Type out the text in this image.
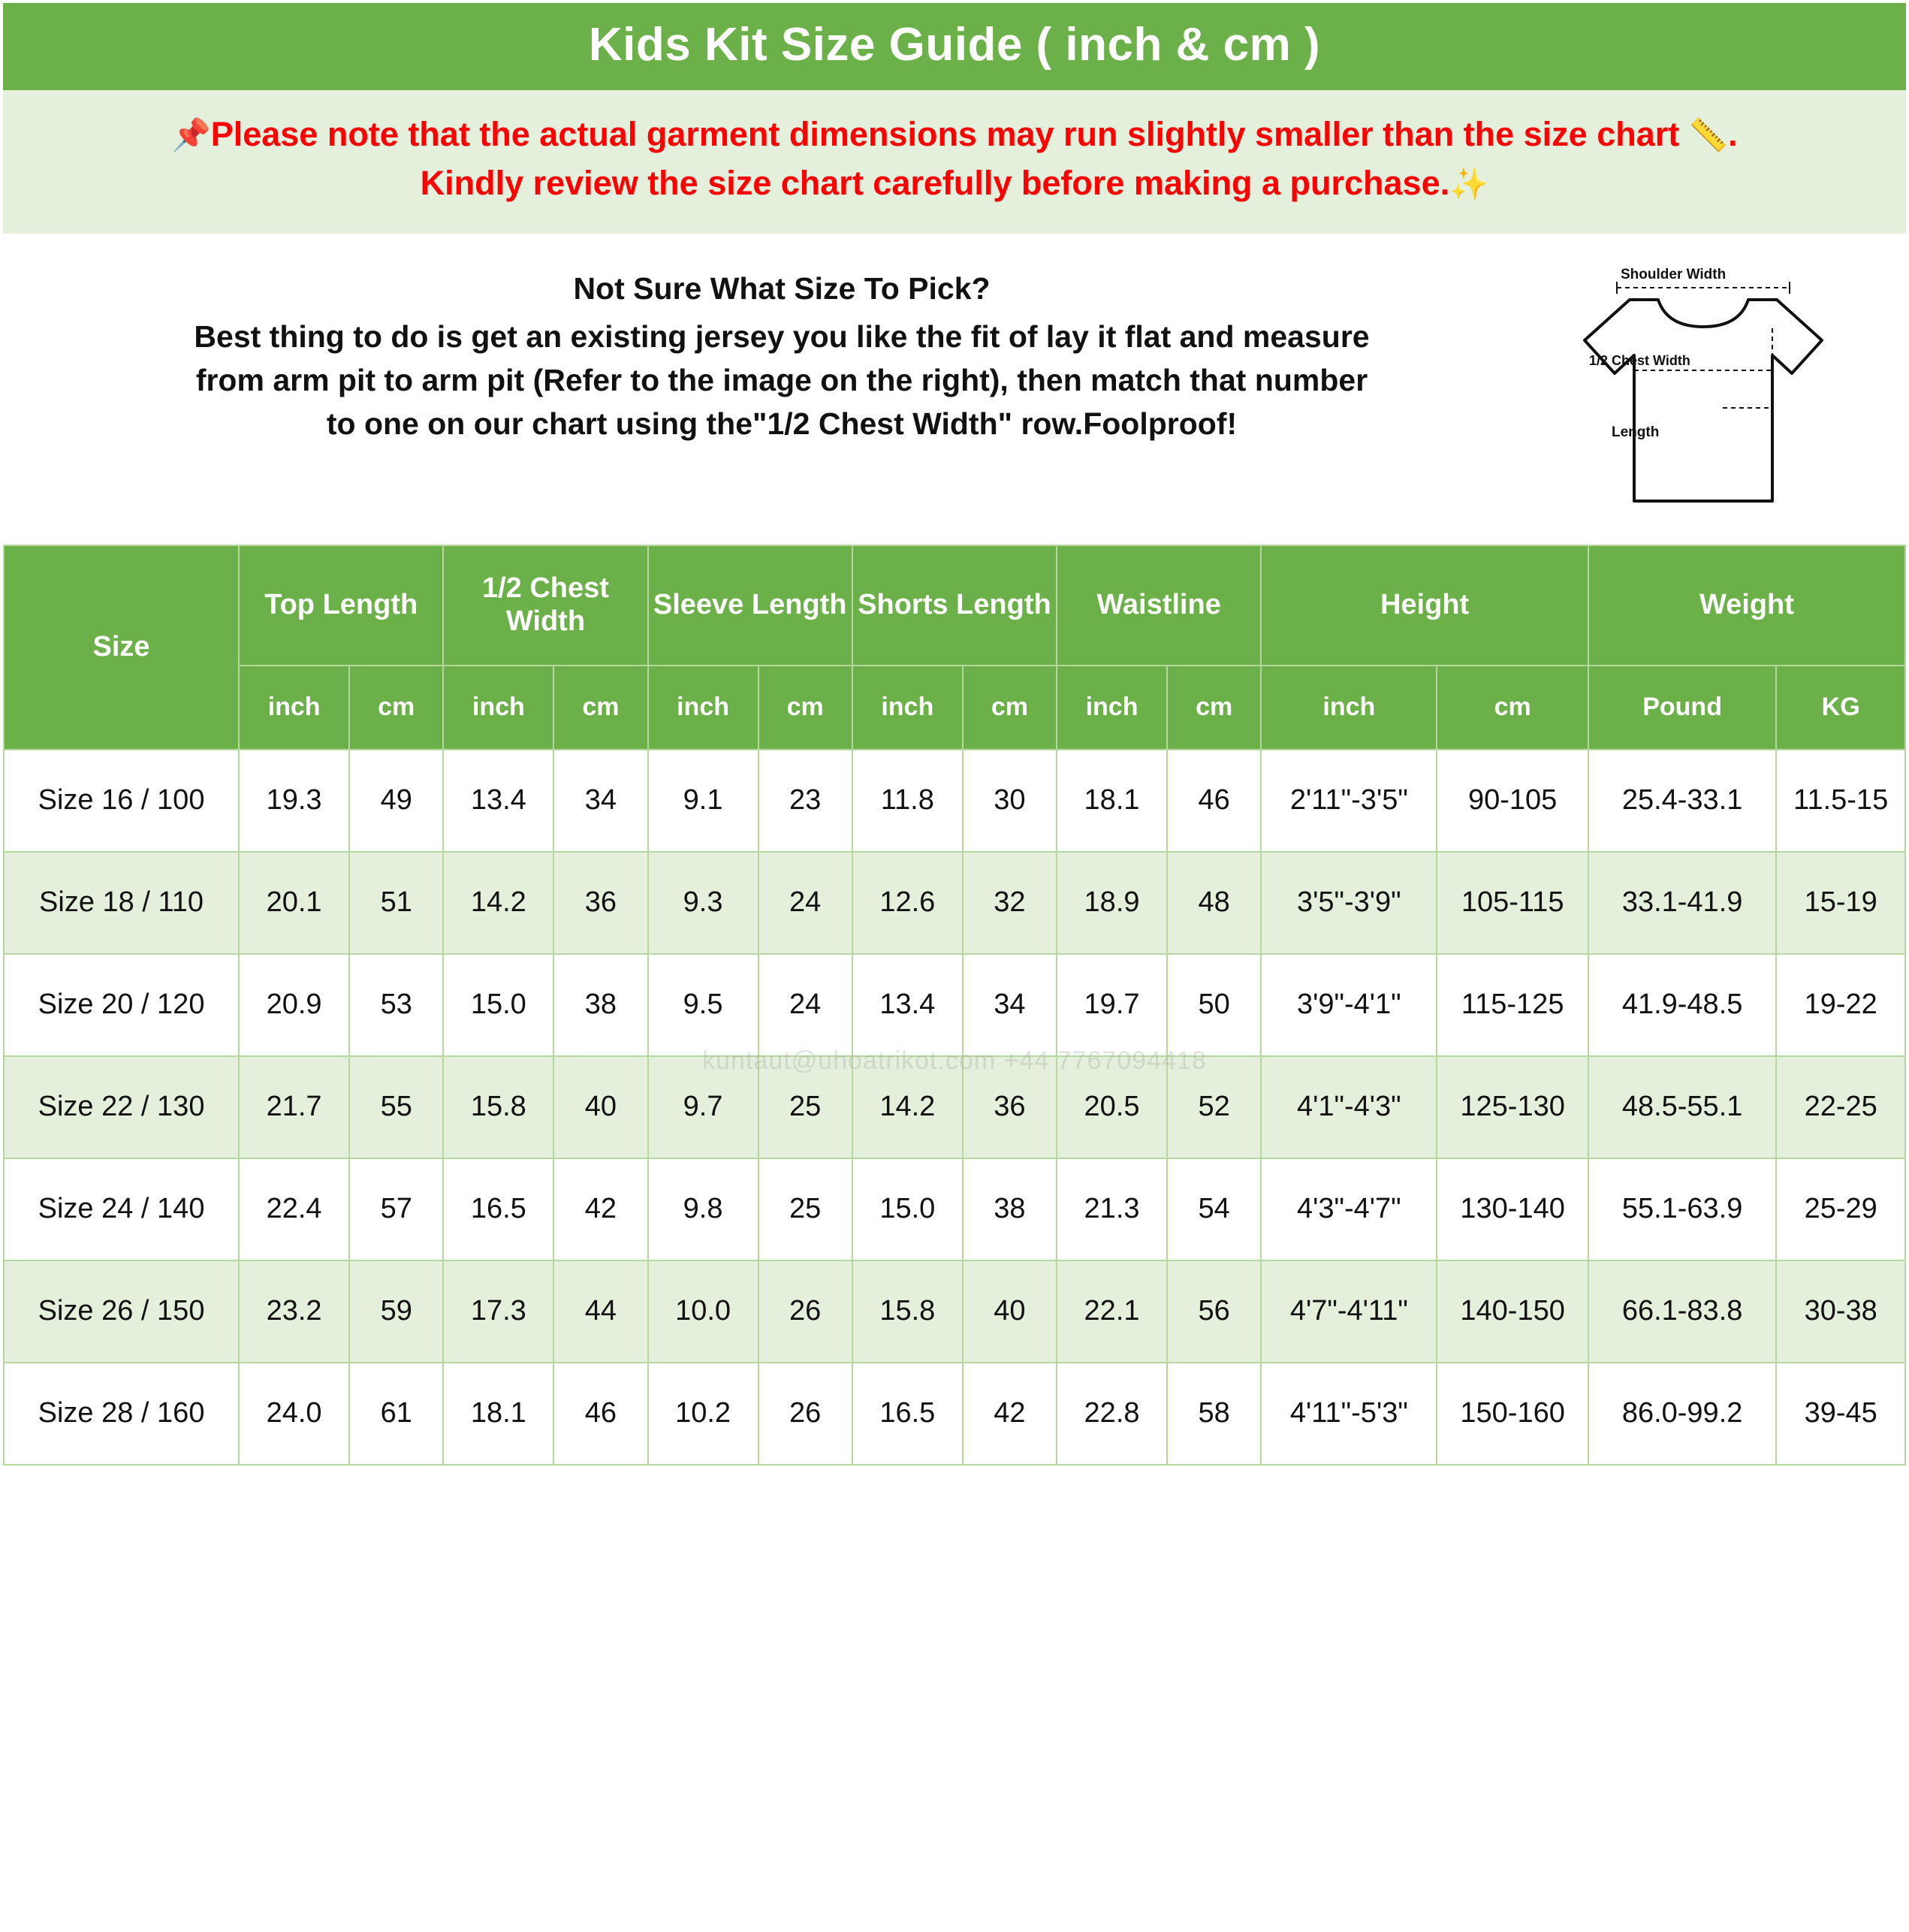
Kids Kit Size Guide ( inch & cm )
📌Please note that the actual garment dimensions may run slightly smaller than the size chart 📏.
Kindly review the size chart carefully before making a purchase.✨
Not Sure What Size To Pick?
Best thing to do is get an existing jersey you like the fit of lay it flat and measure
from arm pit to arm pit (Refer to the image on the right), then match that number
to one on our chart using the"1/2 Chest Width" row.Foolproof!
Shoulder Width
1/2 Chest Width
Length
Size	Top Length		1/2 Chest Width		Sleeve Length		Shorts Length		Waistline		Height		Weight	
	inch	cm	inch	cm	inch	cm	inch	cm	inch	cm	inch	cm	Pound	KG
Size 16 / 100	19.3	49	13.4	34	9.1	23	11.8	30	18.1	46	2'11"-3'5"	90-105	25.4-33.1	11.5-15
Size 18 / 110	20.1	51	14.2	36	9.3	24	12.6	32	18.9	48	3'5"-3'9"	105-115	33.1-41.9	15-19
Size 20 / 120	20.9	53	15.0	38	9.5	24	13.4	34	19.7	50	3'9"-4'1"	115-125	41.9-48.5	19-22
Size 22 / 130	21.7	55	15.8	40	9.7	25	14.2	36	20.5	52	4'1"-4'3"	125-130	48.5-55.1	22-25
Size 24 / 140	22.4	57	16.5	42	9.8	25	15.0	38	21.3	54	4'3"-4'7"	130-140	55.1-63.9	25-29
Size 26 / 150	23.2	59	17.3	44	10.0	26	15.8	40	22.1	56	4'7"-4'11"	140-150	66.1-83.8	30-38
Size 28 / 160	24.0	61	18.1	46	10.2	26	16.5	42	22.8	58	4'11"-5'3"	150-160	86.0-99.2	39-45
kuntaut@uhoatrikot.com +44 7767094418
